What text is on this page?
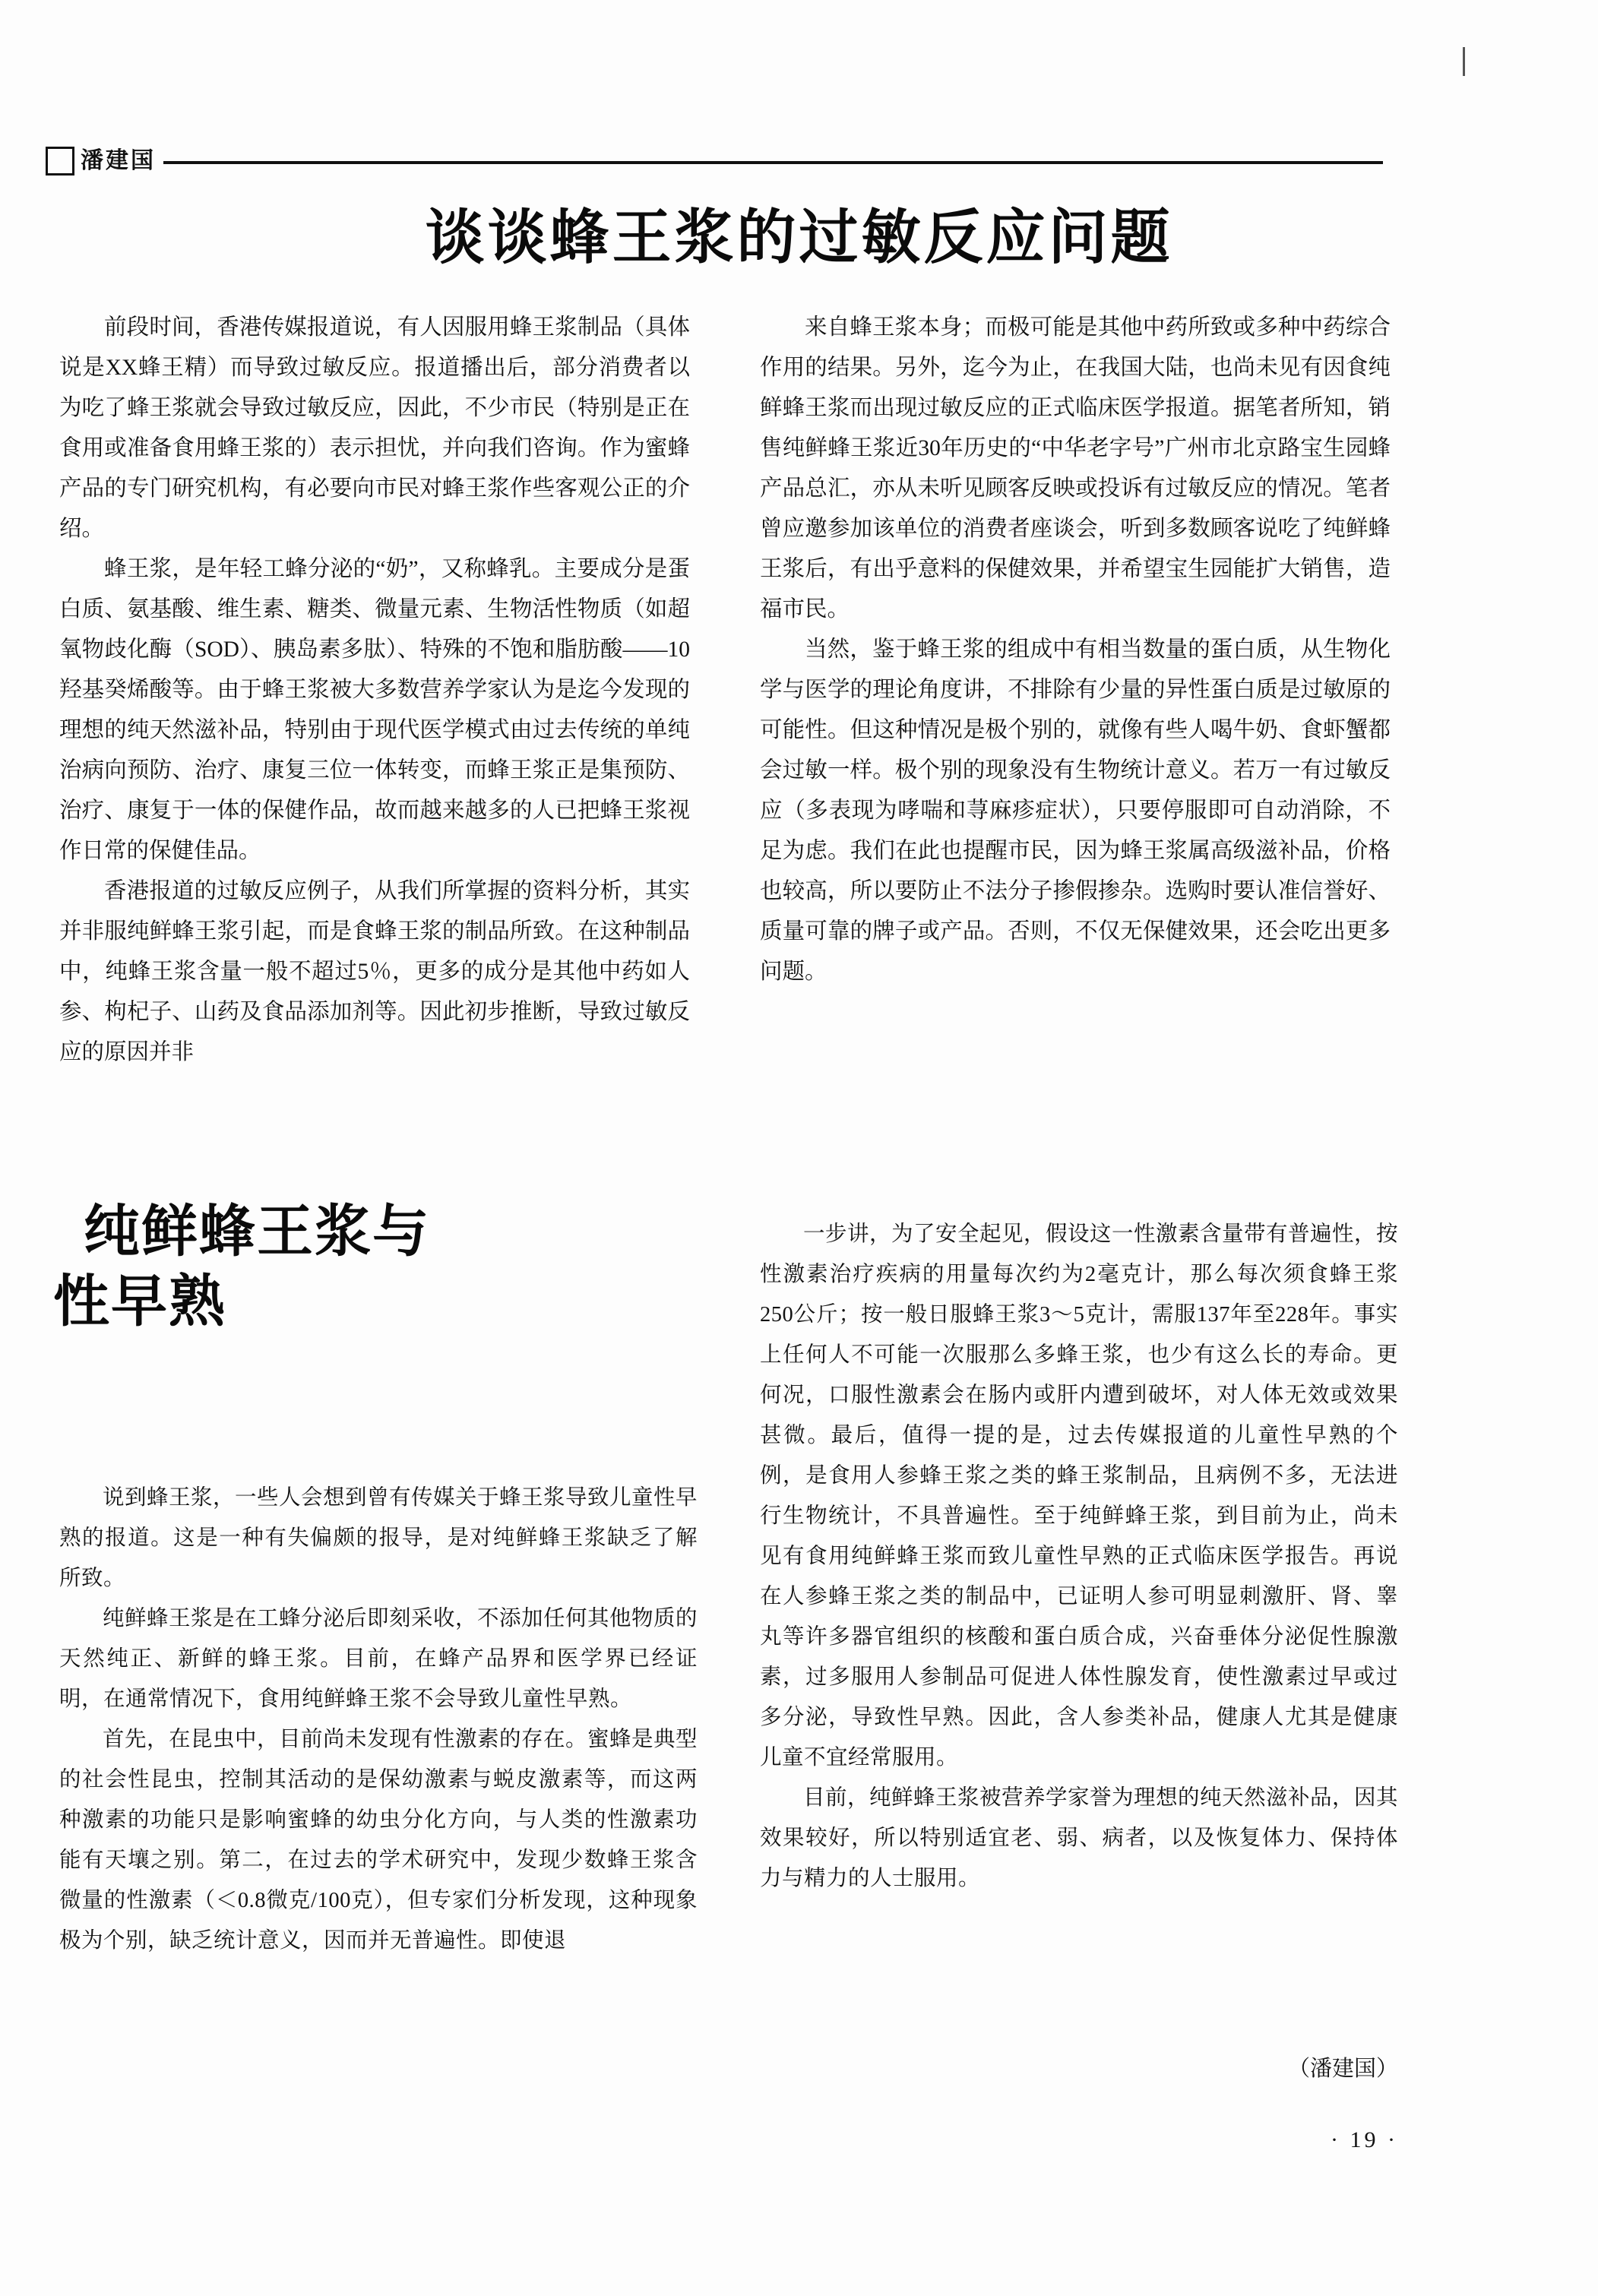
潘建国
谈谈蜂王浆的过敏反应问题

前段时间，香港传媒报道说，有人因服用蜂王浆制品（具体说是XX蜂王精）而导致过敏反应。报道播出后，部分消费者以为吃了蜂王浆就会导致过敏反应，因此，不少市民（特别是正在食用或准备食用蜂王浆的）表示担忧，并向我们咨询。作为蜜蜂产品的专门研究机构，有必要向市民对蜂王浆作些客观公正的介绍。

蜂王浆，是年轻工蜂分泌的“奶”，又称蜂乳。主要成分是蛋白质、氨基酸、维生素、糖类、微量元素、生物活性物质（如超氧物歧化酶（SOD）、胰岛素多肽）、特殊的不饱和脂肪酸——10羟基癸烯酸等。由于蜂王浆被大多数营养学家认为是迄今发现的理想的纯天然滋补品，特别由于现代医学模式由过去传统的单纯治病向预防、治疗、康复三位一体转变，而蜂王浆正是集预防、治疗、康复于一体的保健作品，故而越来越多的人已把蜂王浆视作日常的保健佳品。

香港报道的过敏反应例子，从我们所掌握的资料分析，其实并非服纯鲜蜂王浆引起，而是食蜂王浆的制品所致。在这种制品中，纯蜂王浆含量一般不超过5％，更多的成分是其他中药如人参、枸杞子、山药及食品添加剂等。因此初步推断，导致过敏反应的原因并非

来自蜂王浆本身；而极可能是其他中药所致或多种中药综合作用的结果。另外，迄今为止，在我国大陆，也尚未见有因食纯鲜蜂王浆而出现过敏反应的正式临床医学报道。据笔者所知，销售纯鲜蜂王浆近30年历史的“中华老字号”广州市北京路宝生园蜂产品总汇，亦从未听见顾客反映或投诉有过敏反应的情况。笔者曾应邀参加该单位的消费者座谈会，听到多数顾客说吃了纯鲜蜂王浆后，有出乎意料的保健效果，并希望宝生园能扩大销售，造福市民。

当然，鉴于蜂王浆的组成中有相当数量的蛋白质，从生物化学与医学的理论角度讲，不排除有少量的异性蛋白质是过敏原的可能性。但这种情况是极个别的，就像有些人喝牛奶、食虾蟹都会过敏一样。极个别的现象没有生物统计意义。若万一有过敏反应（多表现为哮喘和荨麻疹症状），只要停服即可自动消除，不足为虑。我们在此也提醒市民，因为蜂王浆属高级滋补品，价格也较高，所以要防止不法分子掺假掺杂。选购时要认准信誉好、质量可靠的牌子或产品。否则，不仅无保健效果，还会吃出更多问题。

纯鲜蜂王浆与
性早熟

说到蜂王浆，一些人会想到曾有传媒关于蜂王浆导致儿童性早熟的报道。这是一种有失偏颇的报导，是对纯鲜蜂王浆缺乏了解所致。

纯鲜蜂王浆是在工蜂分泌后即刻采收，不添加任何其他物质的天然纯正、新鲜的蜂王浆。目前，在蜂产品界和医学界已经证明，在通常情况下，食用纯鲜蜂王浆不会导致儿童性早熟。

首先，在昆虫中，目前尚未发现有性激素的存在。蜜蜂是典型的社会性昆虫，控制其活动的是保幼激素与蜕皮激素等，而这两种激素的功能只是影响蜜蜂的幼虫分化方向，与人类的性激素功能有天壤之别。第二，在过去的学术研究中，发现少数蜂王浆含微量的性激素（＜0.8微克/100克），但专家们分析发现，这种现象极为个别，缺乏统计意义，因而并无普遍性。即使退

一步讲，为了安全起见，假设这一性激素含量带有普遍性，按性激素治疗疾病的用量每次约为2毫克计，那么每次须食蜂王浆250公斤；按一般日服蜂王浆3～5克计，需服137年至228年。事实上任何人不可能一次服那么多蜂王浆，也少有这么长的寿命。更何况，口服性激素会在肠内或肝内遭到破坏，对人体无效或效果甚微。最后，值得一提的是，过去传媒报道的儿童性早熟的个例，是食用人参蜂王浆之类的蜂王浆制品，且病例不多，无法进行生物统计，不具普遍性。至于纯鲜蜂王浆，到目前为止，尚未见有食用纯鲜蜂王浆而致儿童性早熟的正式临床医学报告。再说在人参蜂王浆之类的制品中，已证明人参可明显刺激肝、肾、睾丸等许多器官组织的核酸和蛋白质合成，兴奋垂体分泌促性腺激素，过多服用人参制品可促进人体性腺发育，使性激素过早或过多分泌，导致性早熟。因此，含人参类补品，健康人尤其是健康儿童不宜经常服用。

目前，纯鲜蜂王浆被营养学家誉为理想的纯天然滋补品，因其效果较好，所以特别适宜老、弱、病者，以及恢复体力、保持体力与精力的人士服用。

（潘建国）
· 19 ·
